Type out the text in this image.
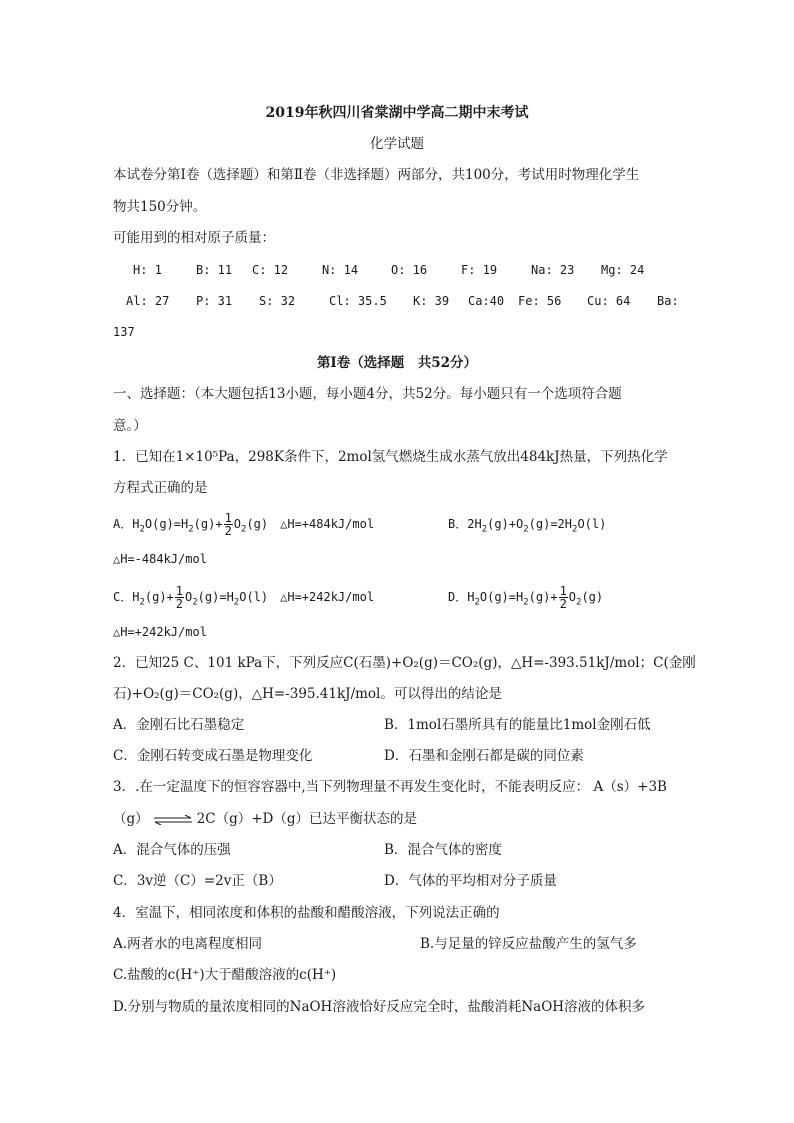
2019年秋四川省棠湖中学高二期中末考试
化学试题
本试卷分第Ⅰ卷（选择题）和第Ⅱ卷（非选择题）两部分，共100分，考试用时物理化学生
物共150分钟。
可能用到的相对原子质量：
H: 1	B: 11 C: 12	N: 14	O: 16	F: 19	Na: 23 Mg: 24
Al: 27 P: 31 S: 32	Cl: 35.5 K: 39 Ca:40 Fe: 56 Cu: 64 Ba:
137
第Ⅰ卷（选择题　共52分）
一、选择题：（本大题包括13小题，每小题4分，共52分。每小题只有一个选项符合题
意。）
1．已知在1×10⁵Pa，298K条件下，2mol氢气燃烧生成水蒸气放出484kJ热量，下列热化学
方程式正确的是
A．$H_2O(g)=H_2(g)+ \frac{1}{2} O_2(g)$　△H=+484kJ/mol	B．$2H_2(g)+O_2(g)=2H_2O(l)$
△H=-484kJ/mol
C．$H_2(g)+ \frac{1}{2} O_2(g)=H_2O(l)$　△H=+242kJ/mol	D．$H_2O(g)=H_2(g)+ \frac{1}{2} O_2(g)$
△H=+242kJ/mol
2．已知25 C、101 kPa下，下列反应C(石墨)+O₂(g)＝CO₂(g)，△H=-393.51kJ/mol；C(金刚
石)+O₂(g)＝CO₂(g)，△H=-395.41kJ/mol。可以得出的结论是
A．金刚石比石墨稳定	B．1mol石墨所具有的能量比1mol金刚石低
C．金刚石转变成石墨是物理变化	D．石墨和金刚石都是碳的同位素
3．.在一定温度下的恒容容器中,当下列物理量不再发生变化时，不能表明反应： A（s）+3B
（g） ⇌ 2C（g）+D（g）已达平衡状态的是
A．混合气体的压强	B．混合气体的密度
C．3v逆（C）=2v正（B）	D．气体的平均相对分子质量
4．室温下，相同浓度和体积的盐酸和醋酸溶液，下列说法正确的
A.两者水的电离程度相同	B.与足量的锌反应盐酸产生的氢气多
C.盐酸的c(H⁺)大于醋酸溶液的c(H⁺)
D.分别与物质的量浓度相同的NaOH溶液恰好反应完全时，盐酸消耗NaOH溶液的体积多
